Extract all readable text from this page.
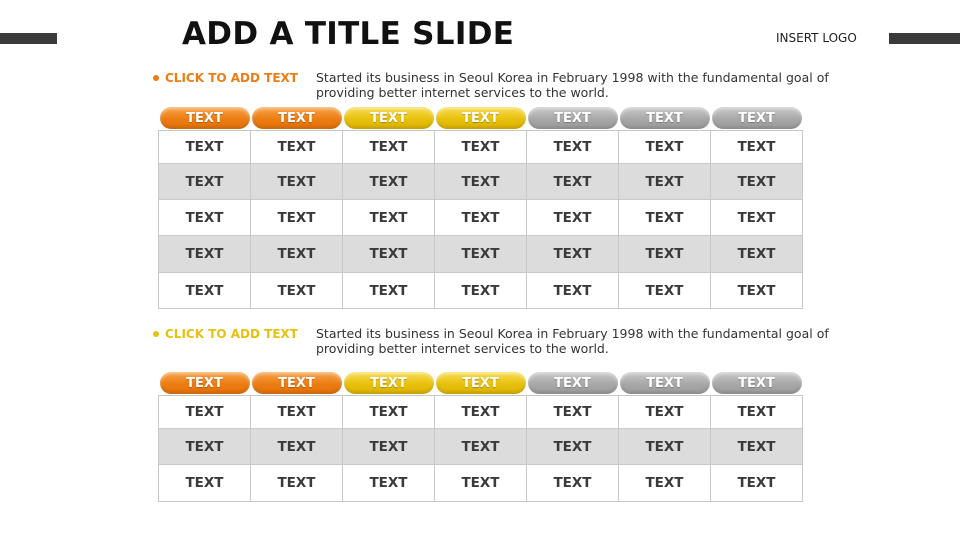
ADD A TITLE SLIDE	INSERT LOGO
CLICK TO ADD TEXT Started its business in Seoul Korea in February 1998 with the fundamental goal of providing better internet services to the world.
TEXT	TEXT	TEXT	TEXT	TEXT	TEXT	TEXT

TEXT	TEXT	TEXT	TEXT	TEXT	TEXT	TEXT
TEXT	TEXT	TEXT	TEXT	TEXT	TEXT	TEXT
TEXT	TEXT	TEXT	TEXT	TEXT	TEXT	TEXT
TEXT	TEXT	TEXT	TEXT	TEXT	TEXT	TEXT
TEXT	TEXT	TEXT	TEXT	TEXT	TEXT	TEXT
CLICK TO ADD TEXT Started its business in Seoul Korea in February 1998 with the fundamental goal of providing better internet services to the world.
TEXT	TEXT	TEXT	TEXT	TEXT	TEXT	TEXT

TEXT	TEXT	TEXT	TEXT	TEXT	TEXT	TEXT
TEXT	TEXT	TEXT	TEXT	TEXT	TEXT	TEXT
TEXT	TEXT	TEXT	TEXT	TEXT	TEXT	TEXT
